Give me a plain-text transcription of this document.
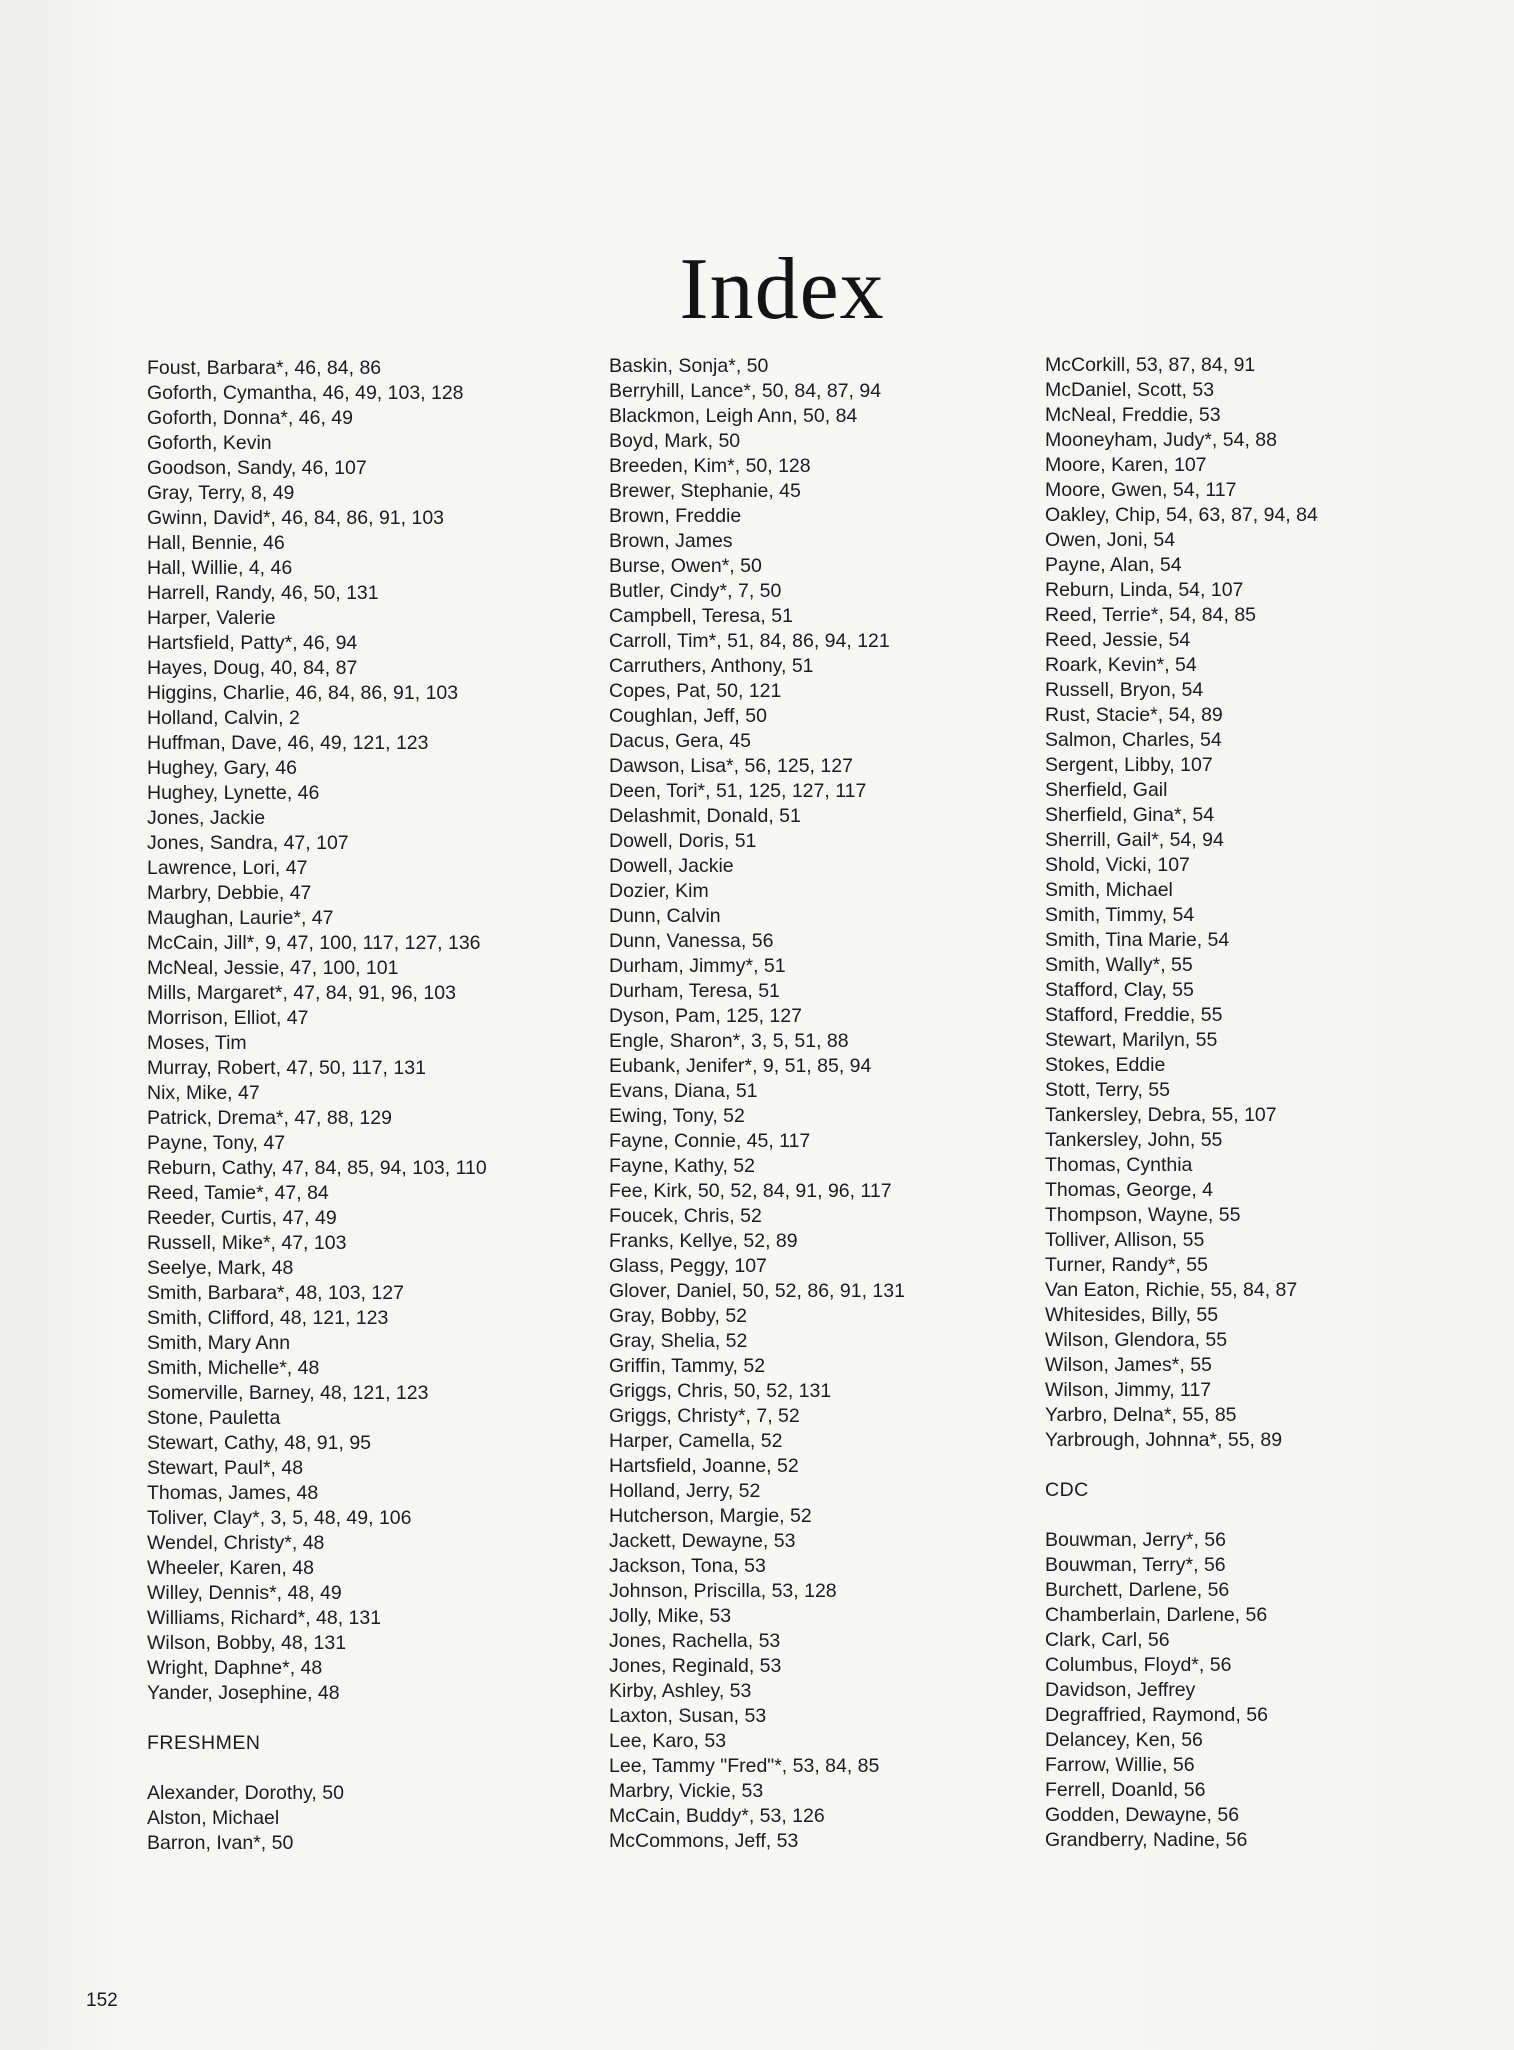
Index
Foust, Barbara*, 46, 84, 86
Goforth, Cymantha, 46, 49, 103, 128
Goforth, Donna*, 46, 49
Goforth, Kevin
Goodson, Sandy, 46, 107
Gray, Terry, 8, 49
Gwinn, David*, 46, 84, 86, 91, 103
Hall, Bennie, 46
Hall, Willie, 4, 46
Harrell, Randy, 46, 50, 131
Harper, Valerie
Hartsfield, Patty*, 46, 94
Hayes, Doug, 40, 84, 87
Higgins, Charlie, 46, 84, 86, 91, 103
Holland, Calvin, 2
Huffman, Dave, 46, 49, 121, 123
Hughey, Gary, 46
Hughey, Lynette, 46
Jones, Jackie
Jones, Sandra, 47, 107
Lawrence, Lori, 47
Marbry, Debbie, 47
Maughan, Laurie*, 47
McCain, Jill*, 9, 47, 100, 117, 127, 136
McNeal, Jessie, 47, 100, 101
Mills, Margaret*, 47, 84, 91, 96, 103
Morrison, Elliot, 47
Moses, Tim
Murray, Robert, 47, 50, 117, 131
Nix, Mike, 47
Patrick, Drema*, 47, 88, 129
Payne, Tony, 47
Reburn, Cathy, 47, 84, 85, 94, 103, 110
Reed, Tamie*, 47, 84
Reeder, Curtis, 47, 49
Russell, Mike*, 47, 103
Seelye, Mark, 48
Smith, Barbara*, 48, 103, 127
Smith, Clifford, 48, 121, 123
Smith, Mary Ann
Smith, Michelle*, 48
Somerville, Barney, 48, 121, 123
Stone, Pauletta
Stewart, Cathy, 48, 91, 95
Stewart, Paul*, 48
Thomas, James, 48
Toliver, Clay*, 3, 5, 48, 49, 106
Wendel, Christy*, 48
Wheeler, Karen, 48
Willey, Dennis*, 48, 49
Williams, Richard*, 48, 131
Wilson, Bobby, 48, 131
Wright, Daphne*, 48
Yander, Josephine, 48
FRESHMEN
Alexander, Dorothy, 50
Alston, Michael
Barron, Ivan*, 50
Baskin, Sonja*, 50
Berryhill, Lance*, 50, 84, 87, 94
Blackmon, Leigh Ann, 50, 84
Boyd, Mark, 50
Breeden, Kim*, 50, 128
Brewer, Stephanie, 45
Brown, Freddie
Brown, James
Burse, Owen*, 50
Butler, Cindy*, 7, 50
Campbell, Teresa, 51
Carroll, Tim*, 51, 84, 86, 94, 121
Carruthers, Anthony, 51
Copes, Pat, 50, 121
Coughlan, Jeff, 50
Dacus, Gera, 45
Dawson, Lisa*, 56, 125, 127
Deen, Tori*, 51, 125, 127, 117
Delashmit, Donald, 51
Dowell, Doris, 51
Dowell, Jackie
Dozier, Kim
Dunn, Calvin
Dunn, Vanessa, 56
Durham, Jimmy*, 51
Durham, Teresa, 51
Dyson, Pam, 125, 127
Engle, Sharon*, 3, 5, 51, 88
Eubank, Jenifer*, 9, 51, 85, 94
Evans, Diana, 51
Ewing, Tony, 52
Fayne, Connie, 45, 117
Fayne, Kathy, 52
Fee, Kirk, 50, 52, 84, 91, 96, 117
Foucek, Chris, 52
Franks, Kellye, 52, 89
Glass, Peggy, 107
Glover, Daniel, 50, 52, 86, 91, 131
Gray, Bobby, 52
Gray, Shelia, 52
Griffin, Tammy, 52
Griggs, Chris, 50, 52, 131
Griggs, Christy*, 7, 52
Harper, Camella, 52
Hartsfield, Joanne, 52
Holland, Jerry, 52
Hutcherson, Margie, 52
Jackett, Dewayne, 53
Jackson, Tona, 53
Johnson, Priscilla, 53, 128
Jolly, Mike, 53
Jones, Rachella, 53
Jones, Reginald, 53
Kirby, Ashley, 53
Laxton, Susan, 53
Lee, Karo, 53
Lee, Tammy "Fred"*, 53, 84, 85
Marbry, Vickie, 53
McCain, Buddy*, 53, 126
McCommons, Jeff, 53
McCorkill, 53, 87, 84, 91
McDaniel, Scott, 53
McNeal, Freddie, 53
Mooneyham, Judy*, 54, 88
Moore, Karen, 107
Moore, Gwen, 54, 117
Oakley, Chip, 54, 63, 87, 94, 84
Owen, Joni, 54
Payne, Alan, 54
Reburn, Linda, 54, 107
Reed, Terrie*, 54, 84, 85
Reed, Jessie, 54
Roark, Kevin*, 54
Russell, Bryon, 54
Rust, Stacie*, 54, 89
Salmon, Charles, 54
Sergent, Libby, 107
Sherfield, Gail
Sherfield, Gina*, 54
Sherrill, Gail*, 54, 94
Shold, Vicki, 107
Smith, Michael
Smith, Timmy, 54
Smith, Tina Marie, 54
Smith, Wally*, 55
Stafford, Clay, 55
Stafford, Freddie, 55
Stewart, Marilyn, 55
Stokes, Eddie
Stott, Terry, 55
Tankersley, Debra, 55, 107
Tankersley, John, 55
Thomas, Cynthia
Thomas, George, 4
Thompson, Wayne, 55
Tolliver, Allison, 55
Turner, Randy*, 55
Van Eaton, Richie, 55, 84, 87
Whitesides, Billy, 55
Wilson, Glendora, 55
Wilson, James*, 55
Wilson, Jimmy, 117
Yarbro, Delna*, 55, 85
Yarbrough, Johnna*, 55, 89
CDC
Bouwman, Jerry*, 56
Bouwman, Terry*, 56
Burchett, Darlene, 56
Chamberlain, Darlene, 56
Clark, Carl, 56
Columbus, Floyd*, 56
Davidson, Jeffrey
Degraffried, Raymond, 56
Delancey, Ken, 56
Farrow, Willie, 56
Ferrell, Doanld, 56
Godden, Dewayne, 56
Grandberry, Nadine, 56
152
